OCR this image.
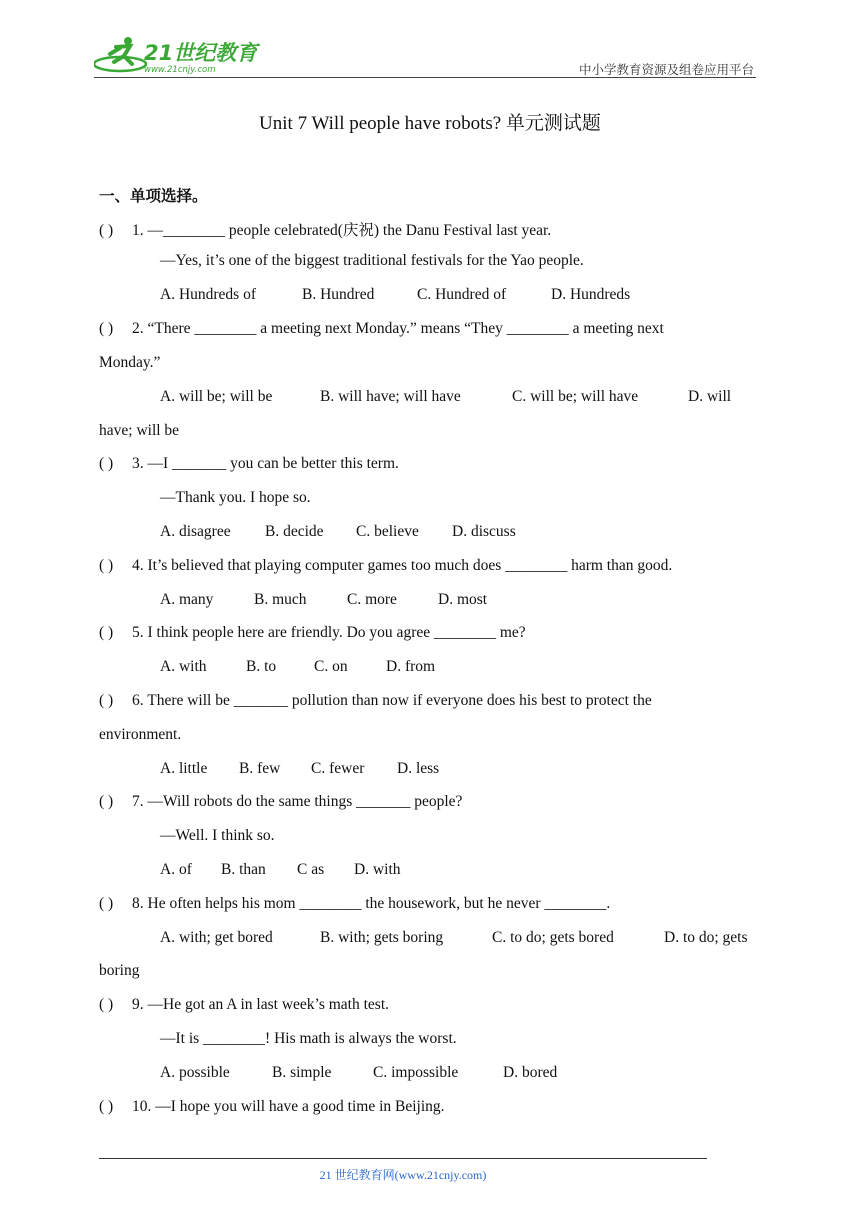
21世纪教育
www.21cnjy.com	中小学教育资源及组卷应用平台
Unit 7 Will people have robots? 单元测试题
一、单项选择。
( ) 1. —________ people celebrated(庆祝) the Danu Festival last year.
—Yes, it’s one of the biggest traditional festivals for the Yao people.
A. Hundreds of	B. Hundred	C. Hundred of	D. Hundreds
( ) 2. “There ________ a meeting next Monday.” means “They ________ a meeting next
Monday.”
A. will be; will be	B. will have; will have	C. will be; will have	D. will
have; will be
( ) 3. —I _______ you can be better this term.
—Thank you. I hope so.
A. disagree B. decide C. believe D. discuss
( ) 4. It’s believed that playing computer games too much does ________ harm than good.
A. many	B. much	C. more	D. most
( ) 5. I think people here are friendly. Do you agree ________ me?
A. with	B. to C. on D. from
( ) 6. There will be _______ pollution than now if everyone does his best to protect the
environment.
A. little B. few C. fewer D. less
( ) 7. —Will robots do the same things _______ people?
—Well. I think so.
A. of B. than C as D. with
( ) 8. He often helps his mom ________ the housework, but he never ________.
A. with; get bored	B. with; gets boring	C. to do; gets bored	D. to do; gets
boring
( ) 9. —He got an A in last week’s math test.
—It is ________! His math is always the worst.
A. possible	B. simple	C. impossible	D. bored
( ) 10. —I hope you will have a good time in Beijing.
21 世纪教育网(www.21cnjy.com)
